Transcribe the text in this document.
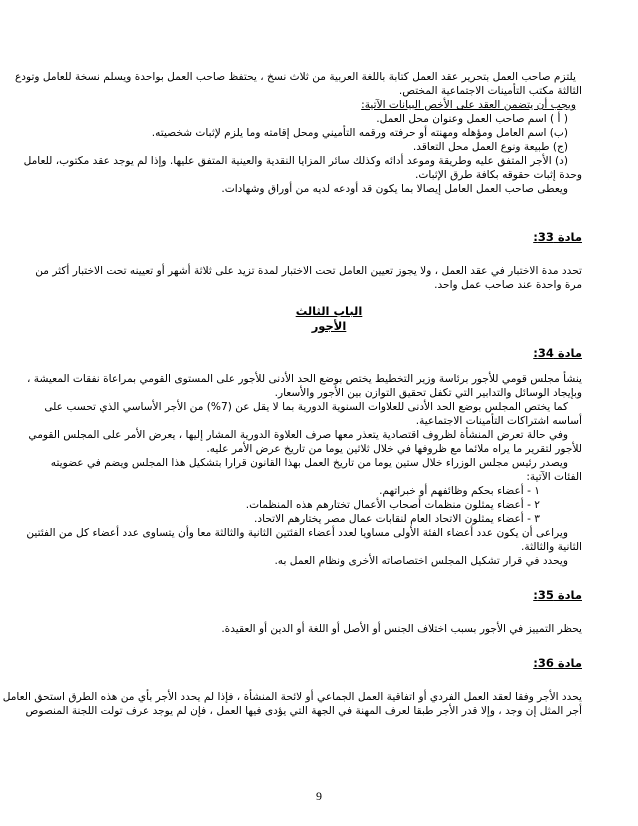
يلتزم صاحب العمل بتحرير عقد العمل كتابة باللغة العربية من ثلاث نسخ ، يحتفظ صاحب العمل بواحدة ويسلم نسخة للعامل وتودع
الثالثة مكتب التأمينات الاجتماعية المختص.
ويجب أن يتضمن العقد على الأخص البيانات الآتية:
( أ ) اسم صاحب العمل وعنوان محل العمل.
(ب) اسم العامل ومؤهله ومهنته أو حرفته ورقمه التأميني ومحل إقامته وما يلزم لإثبات شخصيته.
(ج) طبيعة ونوع العمل محل التعاقد.
(د) الأجر المتفق عليه وطريقة وموعد أدائه وكذلك سائر المزايا النقدية والعينية المتفق عليها. وإذا لم يوجد عقد مكتوب، للعامل
وحدة إثبات حقوقه بكافة طرق الإثبات.
ويعطى صاحب العمل العامل إيصالا بما يكون قد أودعه لديه من أوراق وشهادات.
مادة 33:
تحدد مدة الاختبار في عقد العمل ، ولا يجوز تعيين العامل تحت الاختبار لمدة تزيد على ثلاثة أشهر أو تعيينه تحت الاختبار أكثر من
مرة واحدة عند صاحب عمل واحد.
الباب الثالث
الأجور
مادة 34:
ينشأ مجلس قومي للأجور برئاسة وزير التخطيط يختص بوضع الحد الأدنى للأجور على المستوى القومي بمراعاة نفقات المعيشة ،
وبإيجاد الوسائل والتدابير التي تكفل تحقيق التوازن بين الأجور والأسعار.
كما يختص المجلس بوضع الحد الأدنى للعلاوات السنوية الدورية بما لا يقل عن (7%) من الأجر الأساسي الذي تحسب على
أساسه اشتراكات التأمينات الاجتماعية.
وفي حالة تعرض المنشأة لظروف اقتصادية يتعذر معها صرف العلاوة الدورية المشار إليها ، يعرض الأمر على المجلس القومي
للأجور لتقرير ما يراه ملائما مع ظروفها في خلال ثلاثين يوما من تاريخ عرض الأمر عليه.
ويصدر رئيس مجلس الوزراء خلال ستين يوما من تاريخ العمل بهذا القانون قرارا بتشكيل هذا المجلس ويضم في عضويته
الفئات الآتية:
١ - أعضاء بحكم وظائفهم أو خبراتهم.
٢ - أعضاء يمثلون منظمات أصحاب الأعمال تختارهم هذه المنظمات.
٣ - أعضاء يمثلون الاتحاد العام لنقابات عمال مصر يختارهم الاتحاد.
ويراعى أن يكون عدد أعضاء الفئة الأولى مساويا لعدد أعضاء الفئتين الثانية والثالثة معا وأن يتساوى عدد أعضاء كل من الفئتين
الثانية والثالثة.
ويحدد في قرار تشكيل المجلس اختصاصاته الأخرى ونظام العمل به.
مادة 35:
يحظر التمييز في الأجور بسبب اختلاف الجنس أو الأصل أو اللغة أو الدين أو العقيدة.
مادة 36:
يحدد الأجر وفقا لعقد العمل الفردي أو اتفاقية العمل الجماعي أو لائحة المنشأة ، فإذا لم يحدد الأجر بأي من هذه الطرق استحق العامل
أجر المثل إن وجد ، وإلا قدر الأجر طبقا لعرف المهنة في الجهة التي يؤدى فيها العمل ، فإن لم يوجد عرف تولت اللجنة المنصوص
9
